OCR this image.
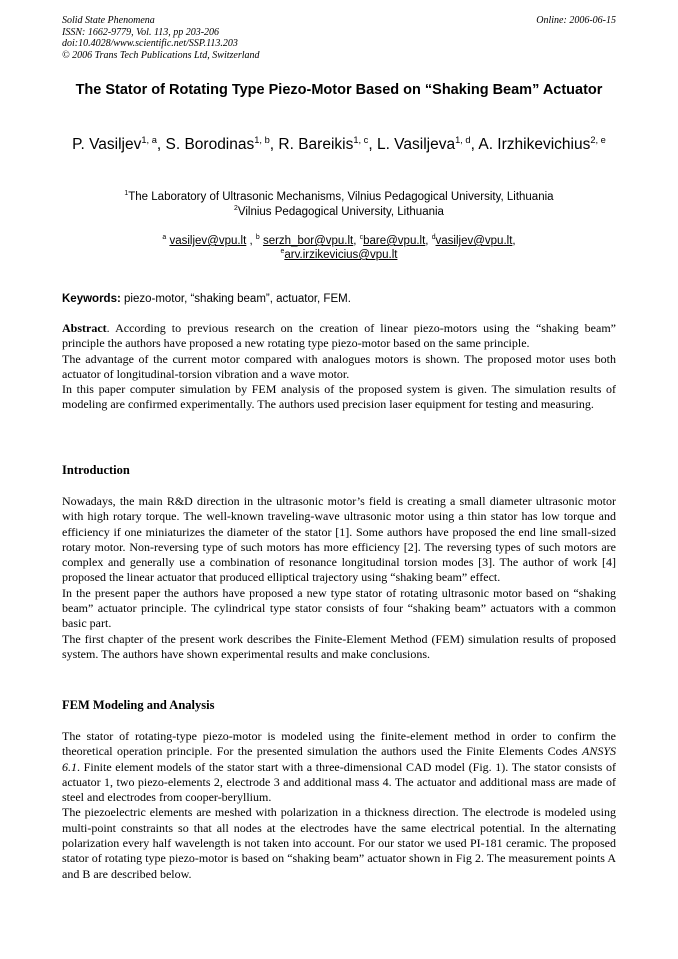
Solid State Phenomena
ISSN: 1662-9779, Vol. 113, pp 203-206
doi:10.4028/www.scientific.net/SSP.113.203
© 2006 Trans Tech Publications Ltd, Switzerland
Online: 2006-06-15
The Stator of Rotating Type Piezo-Motor Based on “Shaking Beam” Actuator
P. Vasiljev$^{1, a}$, S. Borodinas$^{1, b}$, R. Bareikis$^{1, c}$, L. Vasiljeva$^{1, d}$, A. Irzhikevichius$^{2, e}$
$^1$The Laboratory of Ultrasonic Mechanisms, Vilnius Pedagogical University, Lithuania
$^2$Vilnius Pedagogical University, Lithuania
$^a$ vasiljev@vpu.lt , $^b$ serzh_bor@vpu.lt, $^c$bare@vpu.lt, $^d$vasiljev@vpu.lt,
$^e$arv.irzikevicius@vpu.lt
Keywords: piezo-motor, “shaking beam”, actuator, FEM.

Abstract. According to previous research on the creation of linear piezo-motors using the “shaking beam” principle the authors have proposed a new rotating type piezo-motor based on the same principle.

The advantage of the current motor compared with analogues motors is shown. The proposed motor uses both actuator of longitudinal-torsion vibration and a wave motor.

In this paper computer simulation by FEM analysis of the proposed system is given. The simulation results of modeling are confirmed experimentally. The authors used precision laser equipment for testing and measuring.

Introduction

Nowadays, the main R&D direction in the ultrasonic motor’s field is creating a small diameter ultrasonic motor with high rotary torque. The well-known traveling-wave ultrasonic motor using a thin stator has low torque and efficiency if one miniaturizes the diameter of the stator [1]. Some authors have proposed the end line small-sized rotary motor. Non-reversing type of such motors has more efficiency [2]. The reversing types of such motors are complex and generally use a combination of resonance longitudinal torsion modes [3]. The author of work [4] proposed the linear actuator that produced elliptical trajectory using “shaking beam” effect.

In the present paper the authors have proposed a new type stator of rotating ultrasonic motor based on “shaking beam” actuator principle. The cylindrical type stator consists of four “shaking beam” actuators with a common basic part.

The first chapter of the present work describes the Finite-Element Method (FEM) simulation results of proposed system. The authors have shown experimental results and make conclusions.

FEM Modeling and Analysis

The stator of rotating-type piezo-motor is modeled using the finite-element method in order to confirm the theoretical operation principle. For the presented simulation the authors used the Finite Elements Codes ANSYS 6.1. Finite element models of the stator start with a three-dimensional CAD model (Fig. 1). The stator consists of actuator 1, two piezo-elements 2, electrode 3 and additional mass 4. The actuator and additional mass are made of steel and electrodes from cooper-beryllium.

The piezoelectric elements are meshed with polarization in a thickness direction. The electrode is modeled using multi-point constraints so that all nodes at the electrodes have the same electrical potential. In the alternating polarization every half wavelength is not taken into account. For our stator we used PI-181 ceramic. The proposed stator of rotating type piezo-motor is based on “shaking beam” actuator shown in Fig 2. The measurement points A and B are described below.
